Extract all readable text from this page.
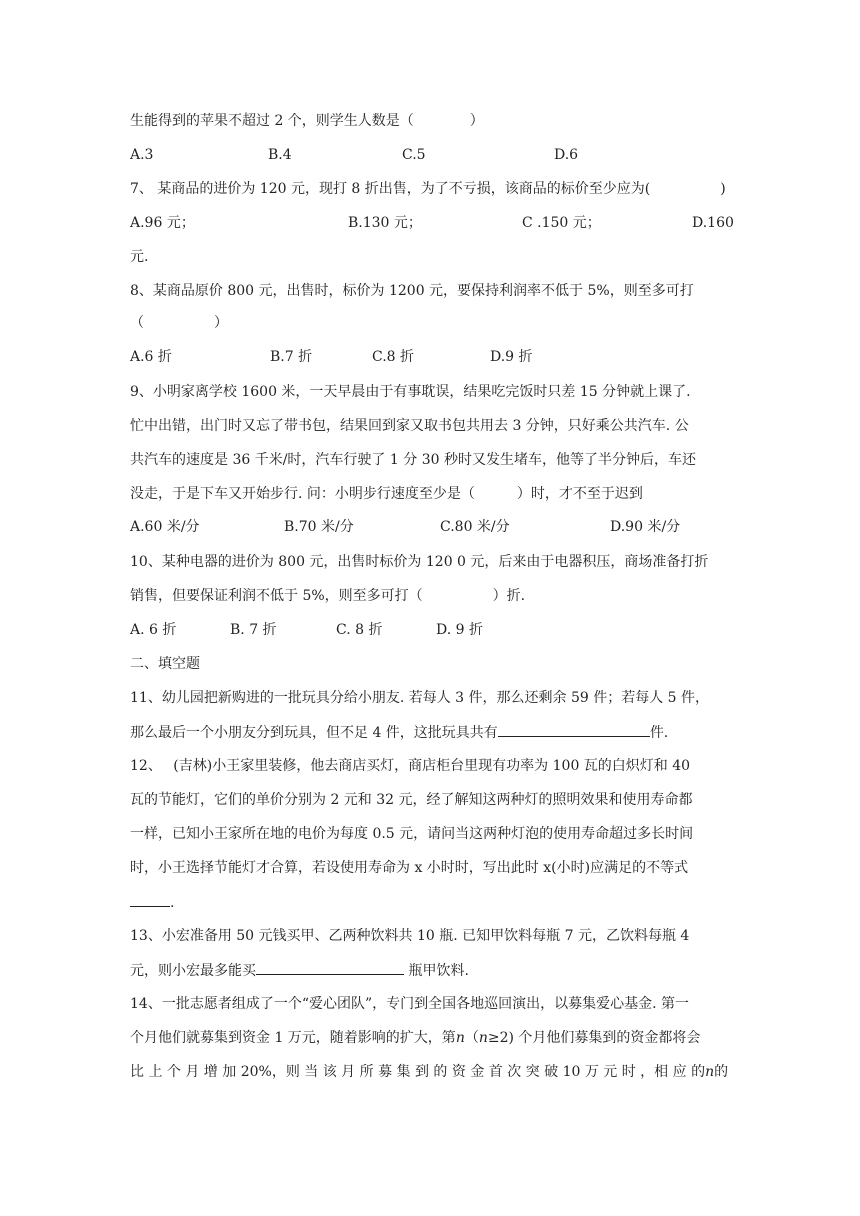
生能得到的苹果不超过 2 个，则学生人数是（　　　　）
A.3	B.4	C.5	D.6
7、 某商品的进价为 120 元，现打 8 折出售，为了不亏损，该商品的标价至少应为(　　　　　)
A.96 元；	B.130 元；	C .150 元；	D.160
元.
8、某商品原价 800 元，出售时，标价为 1200 元，要保持利润率不低于 5%，则至多可打
（　　　　　）
A.6 折	B.7 折	C.8 折	D.9 折
9、小明家离学校 1600 米，一天早晨由于有事耽误，结果吃完饭时只差 15 分钟就上课了.
忙中出错，出门时又忘了带书包，结果回到家又取书包共用去 3 分钟，只好乘公共汽车. 公
共汽车的速度是 36 千米/时，汽车行驶了 1 分 30 秒时又发生堵车，他等了半分钟后，车还
没走，于是下车又开始步行. 问：小明步行速度至少是（　　　）时，才不至于迟到
A.60 米/分	B.70 米/分	C.80 米/分	D.90 米/分
10、某种电器的进价为 800 元，出售时标价为 120 0 元，后来由于电器积压，商场准备打折
销售，但要保证利润不低于 5%，则至多可打（　　　　　）折.
A. 6 折	B. 7 折	C. 8 折	D. 9 折
二、填空题
11、幼儿园把新购进的一批玩具分给小朋友. 若每人 3 件，那么还剩余 59 件；若每人 5 件，
那么最后一个小朋友分到玩具，但不足 4 件，这批玩具共有	件.
12、　 (吉林)小王家里装修，他去商店买灯，商店柜台里现有功率为 100 瓦的白炽灯和 40
瓦的节能灯，它们的单价分别为 2 元和 32 元，经了解知这两种灯的照明效果和使用寿命都
一样，已知小王家所在地的电价为每度 0.5 元，请问当这两种灯泡的使用寿命超过多长时间
时，小王选择节能灯才合算，若设使用寿命为 x 小时时，写出此时 x(小时)应满足的不等式
.
13、小宏准备用 50 元钱买甲、乙两种饮料共 10 瓶. 已知甲饮料每瓶 7 元，乙饮料每瓶 4
元，则小宏最多能买	瓶甲饮料.
14、一批志愿者组成了一个“爱心团队”，专门到全国各地巡回演出，以募集爱心基金. 第一
个月他们就募集到资金 1 万元，随着影响的扩大，第n（n≥2) 个月他们募集到的资金都将会
比 上 个 月 增 加 20%，则 当 该 月 所 募 集 到 的 资 金 首 次 突 破 10 万 元 时 ，相 应 的n的
